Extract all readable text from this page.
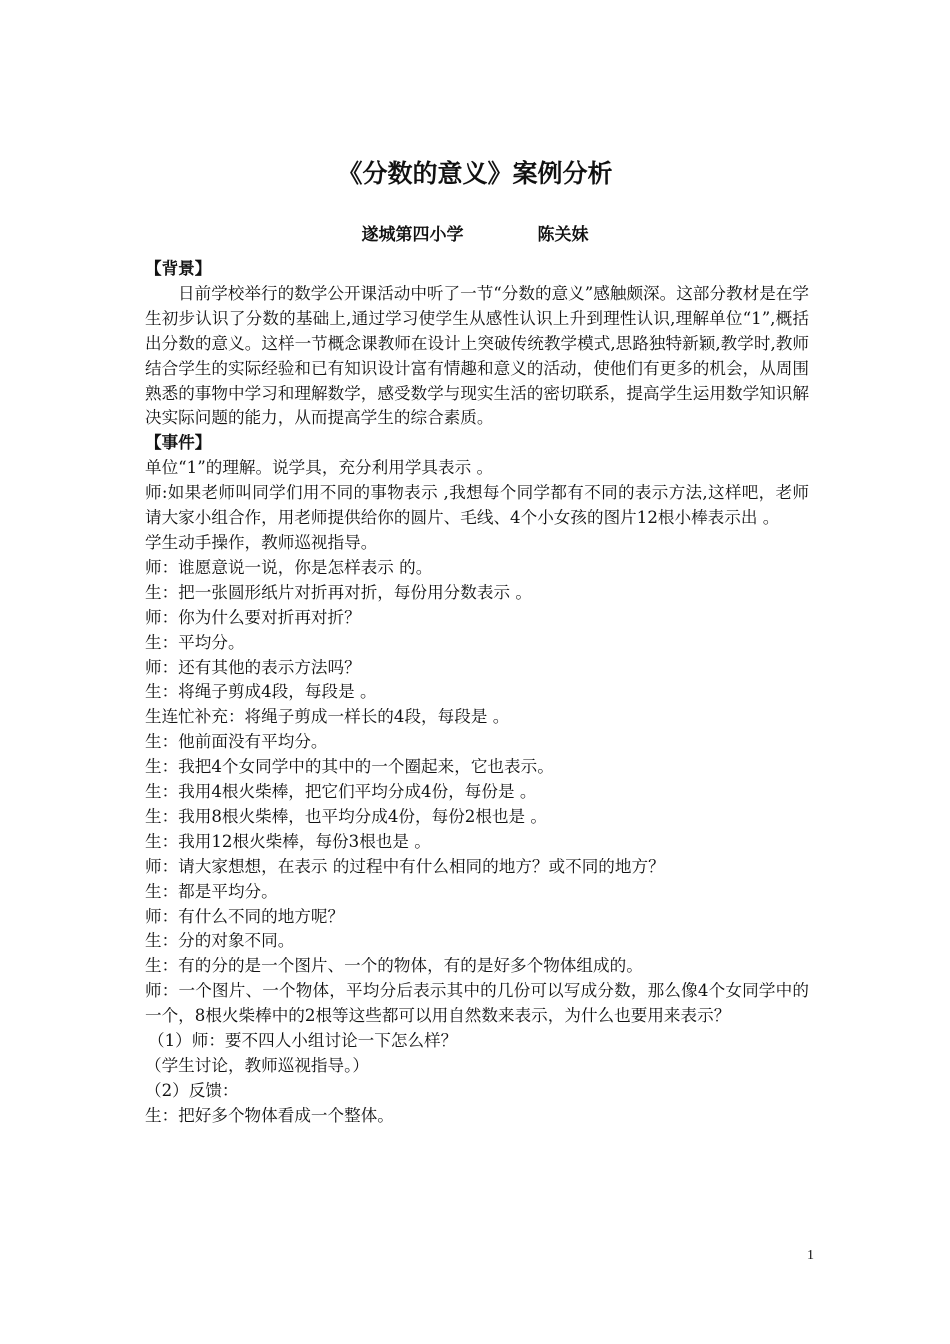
《分数的意义》案例分析
遂城第四小学	陈关妹

【背景】

日前学校举行的数学公开课活动中听了一节“分数的意义”感触颇深。这部分教材是在学生初步认识了分数的基础上,通过学习使学生从感性认识上升到理性认识,理解单位“1”,概括出分数的意义。这样一节概念课教师在设计上突破传统教学模式,思路独特新颖,教学时,教师结合学生的实际经验和已有知识设计富有情趣和意义的活动，使他们有更多的机会，从周围熟悉的事物中学习和理解数学，感受数学与现实生活的密切联系，提高学生运用数学知识解决实际问题的能力，从而提高学生的综合素质。

【事件】

单位“1”的理解。说学具，充分利用学具表示 。

师:如果老师叫同学们用不同的事物表示 ,我想每个同学都有不同的表示方法,这样吧，老师请大家小组合作，用老师提供给你的圆片、毛线、4个小女孩的图片12根小棒表示出 。

学生动手操作，教师巡视指导。

师：谁愿意说一说，你是怎样表示 的。

生：把一张圆形纸片对折再对折，每份用分数表示 。

师：你为什么要对折再对折？

生：平均分。

师：还有其他的表示方法吗？

生：将绳子剪成4段，每段是 。

生连忙补充：将绳子剪成一样长的4段，每段是 。

生：他前面没有平均分。

生：我把4个女同学中的其中的一个圈起来，它也表示。

生：我用4根火柴棒，把它们平均分成4份，每份是 。

生：我用8根火柴棒，也平均分成4份，每份2根也是 。

生：我用12根火柴棒，每份3根也是 。

师：请大家想想，在表示 的过程中有什么相同的地方？或不同的地方？

生：都是平均分。

师：有什么不同的地方呢？

生：分的对象不同。

生：有的分的是一个图片、一个的物体，有的是好多个物体组成的。

师：一个图片、一个物体，平均分后表示其中的几份可以写成分数，那么像4个女同学中的一个，8根火柴棒中的2根等这些都可以用自然数来表示，为什么也要用来表示？

（1）师：要不四人小组讨论一下怎么样？

（学生讨论，教师巡视指导。）

（2）反馈：

生：把好多个物体看成一个整体。

1
